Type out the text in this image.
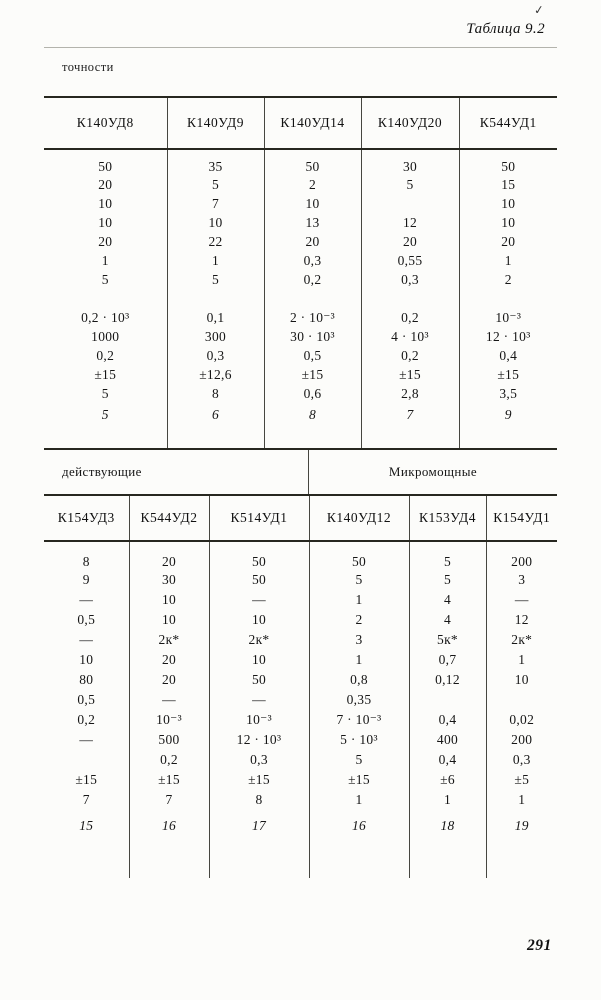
✓
Таблица 9.2
точности
К140УД8	К140УД9	К140УД14	К140УД20	К544УД1
50	35	50	30	50
20	5	2	5	15
10	7	10		10
10	10	13	12	10
20	22	20	20	20
1	1	0,3	0,55	1
5	5	0,2	0,3	2

0,2 · 10³	0,1	2 · 10⁻³	0,2	10⁻³
1000	300	30 · 10³	4 · 10³	12 · 10³
0,2	0,3	0,5	0,2	0,4
±15	±12,6	±15	±15	±15
5	8	0,6	2,8	3,5
5	6	8	7	9

действующие	Микромощные
К154УД3	К544УД2	К514УД1	К140УД12	К153УД4	К154УД1
8	20	50	50	5	200
9	30	50	5	5	3
—	10	—	1	4	—
0,5	10	10	2	4	12
—	2к*	2к*	3	5к*	2к*
10	20	10	1	0,7	1
80	20	50	0,8	0,12	10
0,5	—	—	0,35		
0,2	10⁻³	10⁻³	7 · 10⁻³	0,4	0,02
—	500	12 · 10³	5 · 10³	400	200
	0,2	0,3	5	0,4	0,3
±15	±15	±15	±15	±6	±5
7	7	8	1	1	1
15	16	17	16	18	19

291
